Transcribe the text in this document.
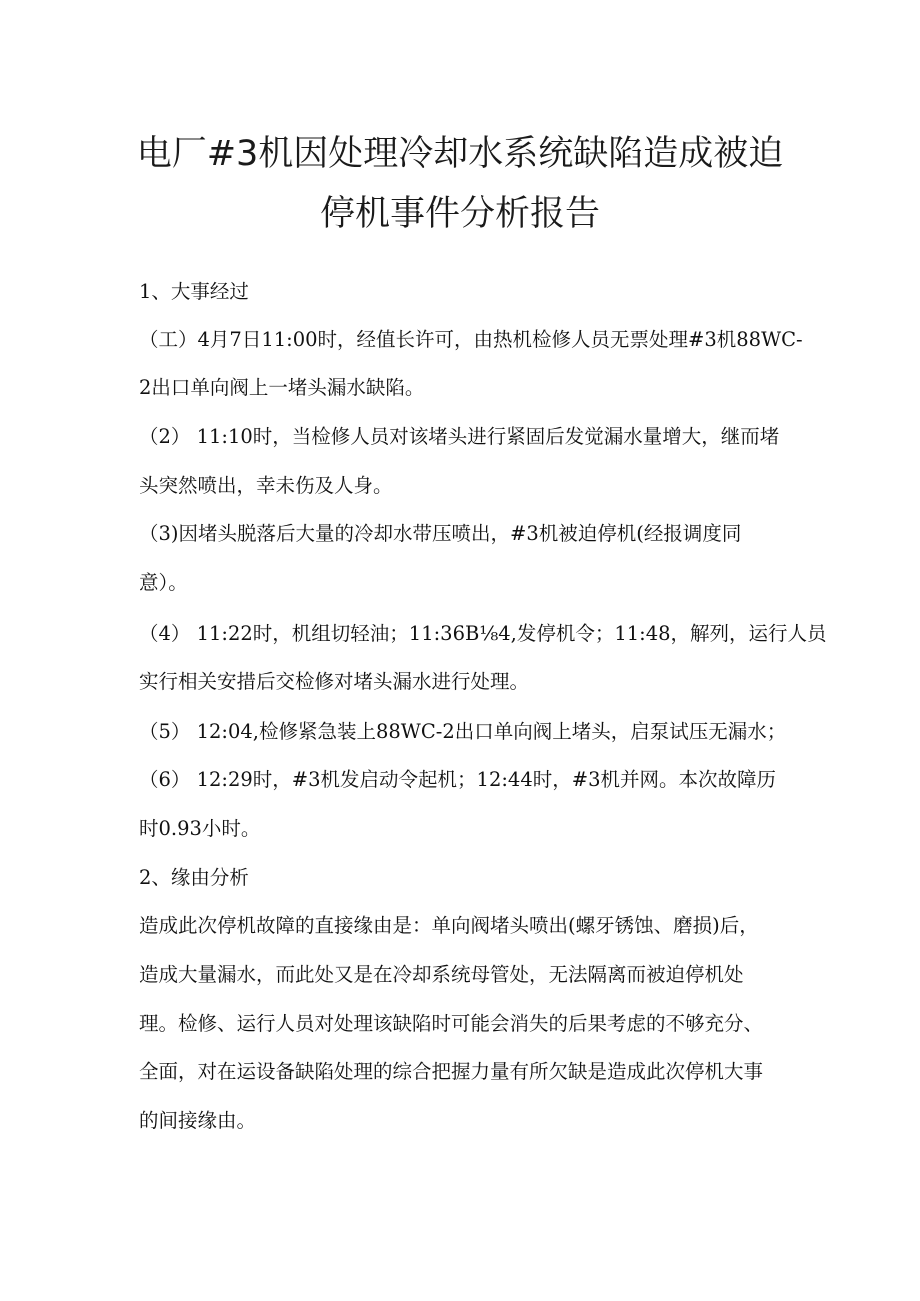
电厂#3机因处理冷却水系统缺陷造成被迫
停机事件分析报告
1、大事经过
（工）4月7日11:00时，经值长许可，由热机检修人员无票处理#3机88WC-
2出口单向阀上一堵头漏水缺陷。
（2） 11:10时，当检修人员对该堵头进行紧固后发觉漏水量增大，继而堵
头突然喷出，幸未伤及人身。
（3)因堵头脱落后大量的冷却水带压喷出，#3机被迫停机(经报调度同
意）。
（4） 11:22时，机组切轻油；11:36B⅛4,发停机令；11:48，解列，运行人员
实行相关安措后交检修对堵头漏水进行处理。
（5） 12:04,检修紧急装上88WC-2出口单向阀上堵头，启泵试压无漏水；
（6） 12:29时，#3机发启动令起机；12:44时，#3机并网。本次故障历
时0.93小时。
2、缘由分析
造成此次停机故障的直接缘由是：单向阀堵头喷出(螺牙锈蚀、磨损)后，
造成大量漏水，而此处又是在冷却系统母管处，无法隔离而被迫停机处
理。检修、运行人员对处理该缺陷时可能会消失的后果考虑的不够充分、
全面，对在运设备缺陷处理的综合把握力量有所欠缺是造成此次停机大事
的间接缘由。
